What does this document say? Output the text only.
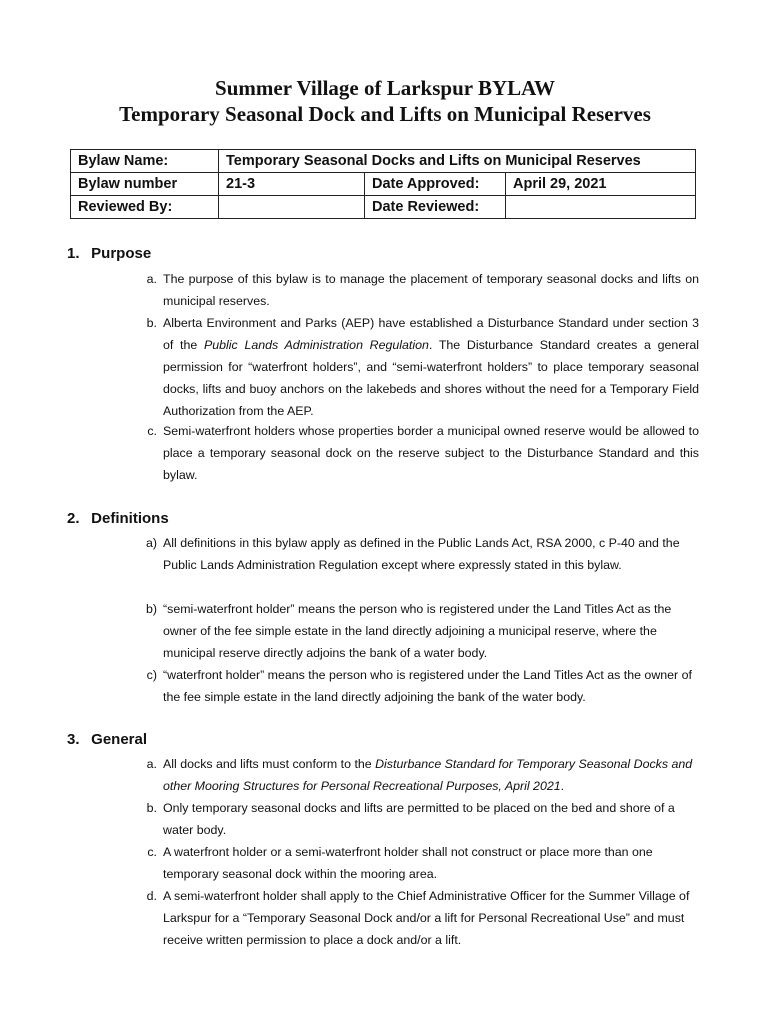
Summer Village of Larkspur BYLAW
Temporary Seasonal Dock and Lifts on Municipal Reserves
Bylaw Name:	Temporary Seasonal Docks and Lifts on Municipal Reserves		
Bylaw number	21-3	Date Approved:	April 29, 2021
Reviewed By:		Date Reviewed:	
1. Purpose
a. The purpose of this bylaw is to manage the placement of temporary seasonal docks and lifts on municipal reserves.
b. Alberta Environment and Parks (AEP) have established a Disturbance Standard under section 3 of the Public Lands Administration Regulation. The Disturbance Standard creates a general permission for “waterfront holders”, and “semi-waterfront holders” to place temporary seasonal docks, lifts and buoy anchors on the lakebeds and shores without the need for a Temporary Field Authorization from the AEP.
c. Semi-waterfront holders whose properties border a municipal owned reserve would be allowed to place a temporary seasonal dock on the reserve subject to the Disturbance Standard and this bylaw.
2. Definitions
a) All definitions in this bylaw apply as defined in the Public Lands Act, RSA 2000, c P-40 and the Public Lands Administration Regulation except where expressly stated in this bylaw.
b) “semi-waterfront holder” means the person who is registered under the Land Titles Act as the owner of the fee simple estate in the land directly adjoining a municipal reserve, where the municipal reserve directly adjoins the bank of a water body.
c) “waterfront holder” means the person who is registered under the Land Titles Act as the owner of the fee simple estate in the land directly adjoining the bank of the water body.
3. General
a. All docks and lifts must conform to the Disturbance Standard for Temporary Seasonal Docks and other Mooring Structures for Personal Recreational Purposes, April 2021.
b. Only temporary seasonal docks and lifts are permitted to be placed on the bed and shore of a water body.
c. A waterfront holder or a semi-waterfront holder shall not construct or place more than one temporary seasonal dock within the mooring area.
d. A semi-waterfront holder shall apply to the Chief Administrative Officer for the Summer Village of Larkspur for a “Temporary Seasonal Dock and/or a lift for Personal Recreational Use” and must receive written permission to place a dock and/or a lift.
